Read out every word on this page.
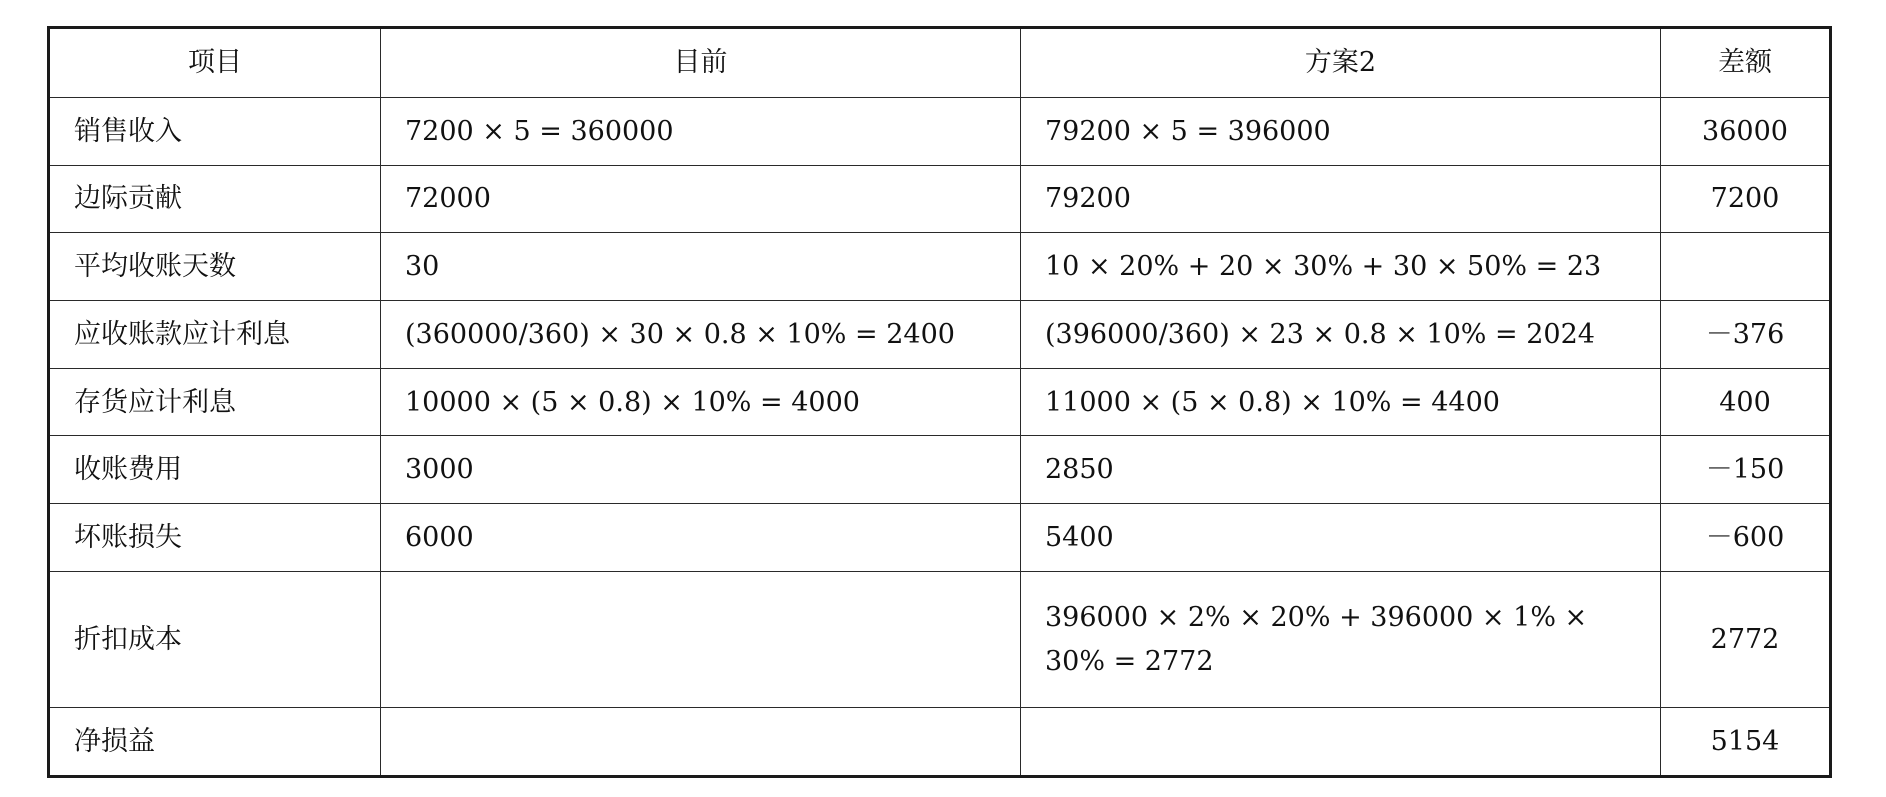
项目	目前	方案2	差额
销售收入	7200 × 5 = 360000	79200 × 5 = 396000	36000
边际贡献	72000	79200	7200
平均收账天数	30	10 × 20% + 20 × 30% + 30 × 50% = 23	
应收账款应计利息	(360000/360) × 30 × 0.8 × 10% = 2400	(396000/360) × 23 × 0.8 × 10% = 2024	－376
存货应计利息	10000 × (5 × 0.8) × 10% = 4000	11000 × (5 × 0.8) × 10% = 4400	400
收账费用	3000	2850	－150
坏账损失	6000	5400	－600
折扣成本		396000 × 2% × 20% + 396000 × 1% × 30% = 2772	2772
净损益			5154
